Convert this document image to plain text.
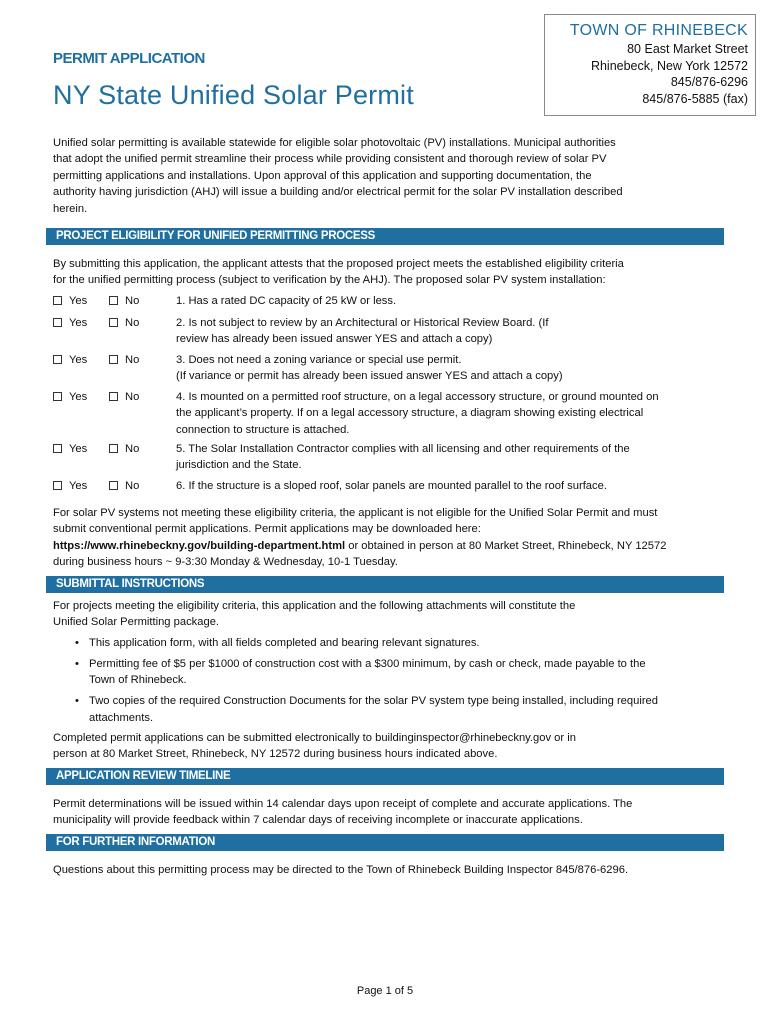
TOWN OF RHINEBECK
80 East Market Street
Rhinebeck, New York 12572
845/876-6296
845/876-5885 (fax)
PERMIT APPLICATION
NY State Unified Solar Permit
Unified solar permitting is available statewide for eligible solar photovoltaic (PV) installations. Municipal authorities
that adopt the unified permit streamline their process while providing consistent and thorough review of solar PV
permitting applications and installations. Upon approval of this application and supporting documentation, the
authority having jurisdiction (AHJ) will issue a building and/or electrical permit for the solar PV installation described
herein.
PROJECT ELIGIBILITY FOR UNIFIED PERMITTING PROCESS
By submitting this application, the applicant attests that the proposed project meets the established eligibility criteria
for the unified permitting process (subject to verification by the AHJ). The proposed solar PV system installation:
Yes	No	1. Has a rated DC capacity of 25 kW or less.
Yes	No	2. Is not subject to review by an Architectural or Historical Review Board. (If
review has already been issued answer YES and attach a copy)
Yes	No	3. Does not need a zoning variance or special use permit.
(If variance or permit has already been issued answer YES and attach a copy)
Yes	No	4. Is mounted on a permitted roof structure, on a legal accessory structure, or ground mounted on
the applicant’s property. If on a legal accessory structure, a diagram showing existing electrical
connection to structure is attached.
Yes	No	5. The Solar Installation Contractor complies with all licensing and other requirements of the
jurisdiction and the State.
Yes	No	6. If the structure is a sloped roof, solar panels are mounted parallel to the roof surface.
For solar PV systems not meeting these eligibility criteria, the applicant is not eligible for the Unified Solar Permit and must
submit conventional permit applications. Permit applications may be downloaded here:
https://www.rhinebeckny.gov/building-department.html or obtained in person at 80 Market Street, Rhinebeck, NY 12572
during business hours ~ 9-3:30 Monday & Wednesday, 10-1 Tuesday.
SUBMITTAL INSTRUCTIONS
For projects meeting the eligibility criteria, this application and the following attachments will constitute the
Unified Solar Permitting package.
• This application form, with all fields completed and bearing relevant signatures.
• Permitting fee of $5 per $1000 of construction cost with a $300 minimum, by cash or check, made payable to the
Town of Rhinebeck.
• Two copies of the required Construction Documents for the solar PV system type being installed, including required
attachments.
Completed permit applications can be submitted electronically to buildinginspector@rhinebeckny.gov or in
person at 80 Market Street, Rhinebeck, NY 12572 during business hours indicated above.
APPLICATION REVIEW TIMELINE
Permit determinations will be issued within 14 calendar days upon receipt of complete and accurate applications. The
municipality will provide feedback within 7 calendar days of receiving incomplete or inaccurate applications.
FOR FURTHER INFORMATION
Questions about this permitting process may be directed to the Town of Rhinebeck Building Inspector 845/876-6296.
Page 1 of 5
